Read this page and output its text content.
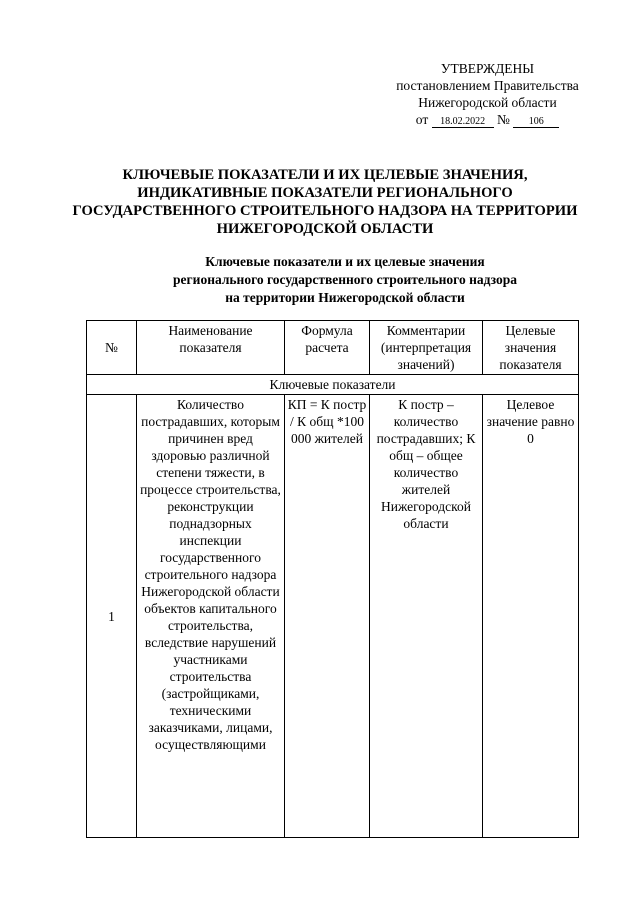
УТВЕРЖДЕНЫ
постановлением Правительства
Нижегородской области
от 18.02.2022 № 106
КЛЮЧЕВЫЕ ПОКАЗАТЕЛИ И ИХ ЦЕЛЕВЫЕ ЗНАЧЕНИЯ,
ИНДИКАТИВНЫЕ ПОКАЗАТЕЛИ РЕГИОНАЛЬНОГО
ГОСУДАРСТВЕННОГО СТРОИТЕЛЬНОГО НАДЗОРА НА ТЕРРИТОРИИ
НИЖЕГОРОДСКОЙ ОБЛАСТИ
Ключевые показатели и их целевые значения
регионального государственного строительного надзора
на территории Нижегородской области
№	Наименование показателя	Формула расчета	Комментарии (интерпретация значений)	Целевые значения показателя
Ключевые показатели				
1	Количество пострадавших, которым причинен вред здоровью различной степени тяжести, в процессе строительства, реконструкции поднадзорных инспекции государственного строительного надзора Нижегородской области объектов капитального строительства, вследствие нарушений участниками строительства (застройщиками, техническими заказчиками, лицами, осуществляющими	КП = К постр / К общ *100 000 жителей	К постр – количество пострадавших; К общ – общее количество жителей Нижегородской области	Целевое значение равно 0
